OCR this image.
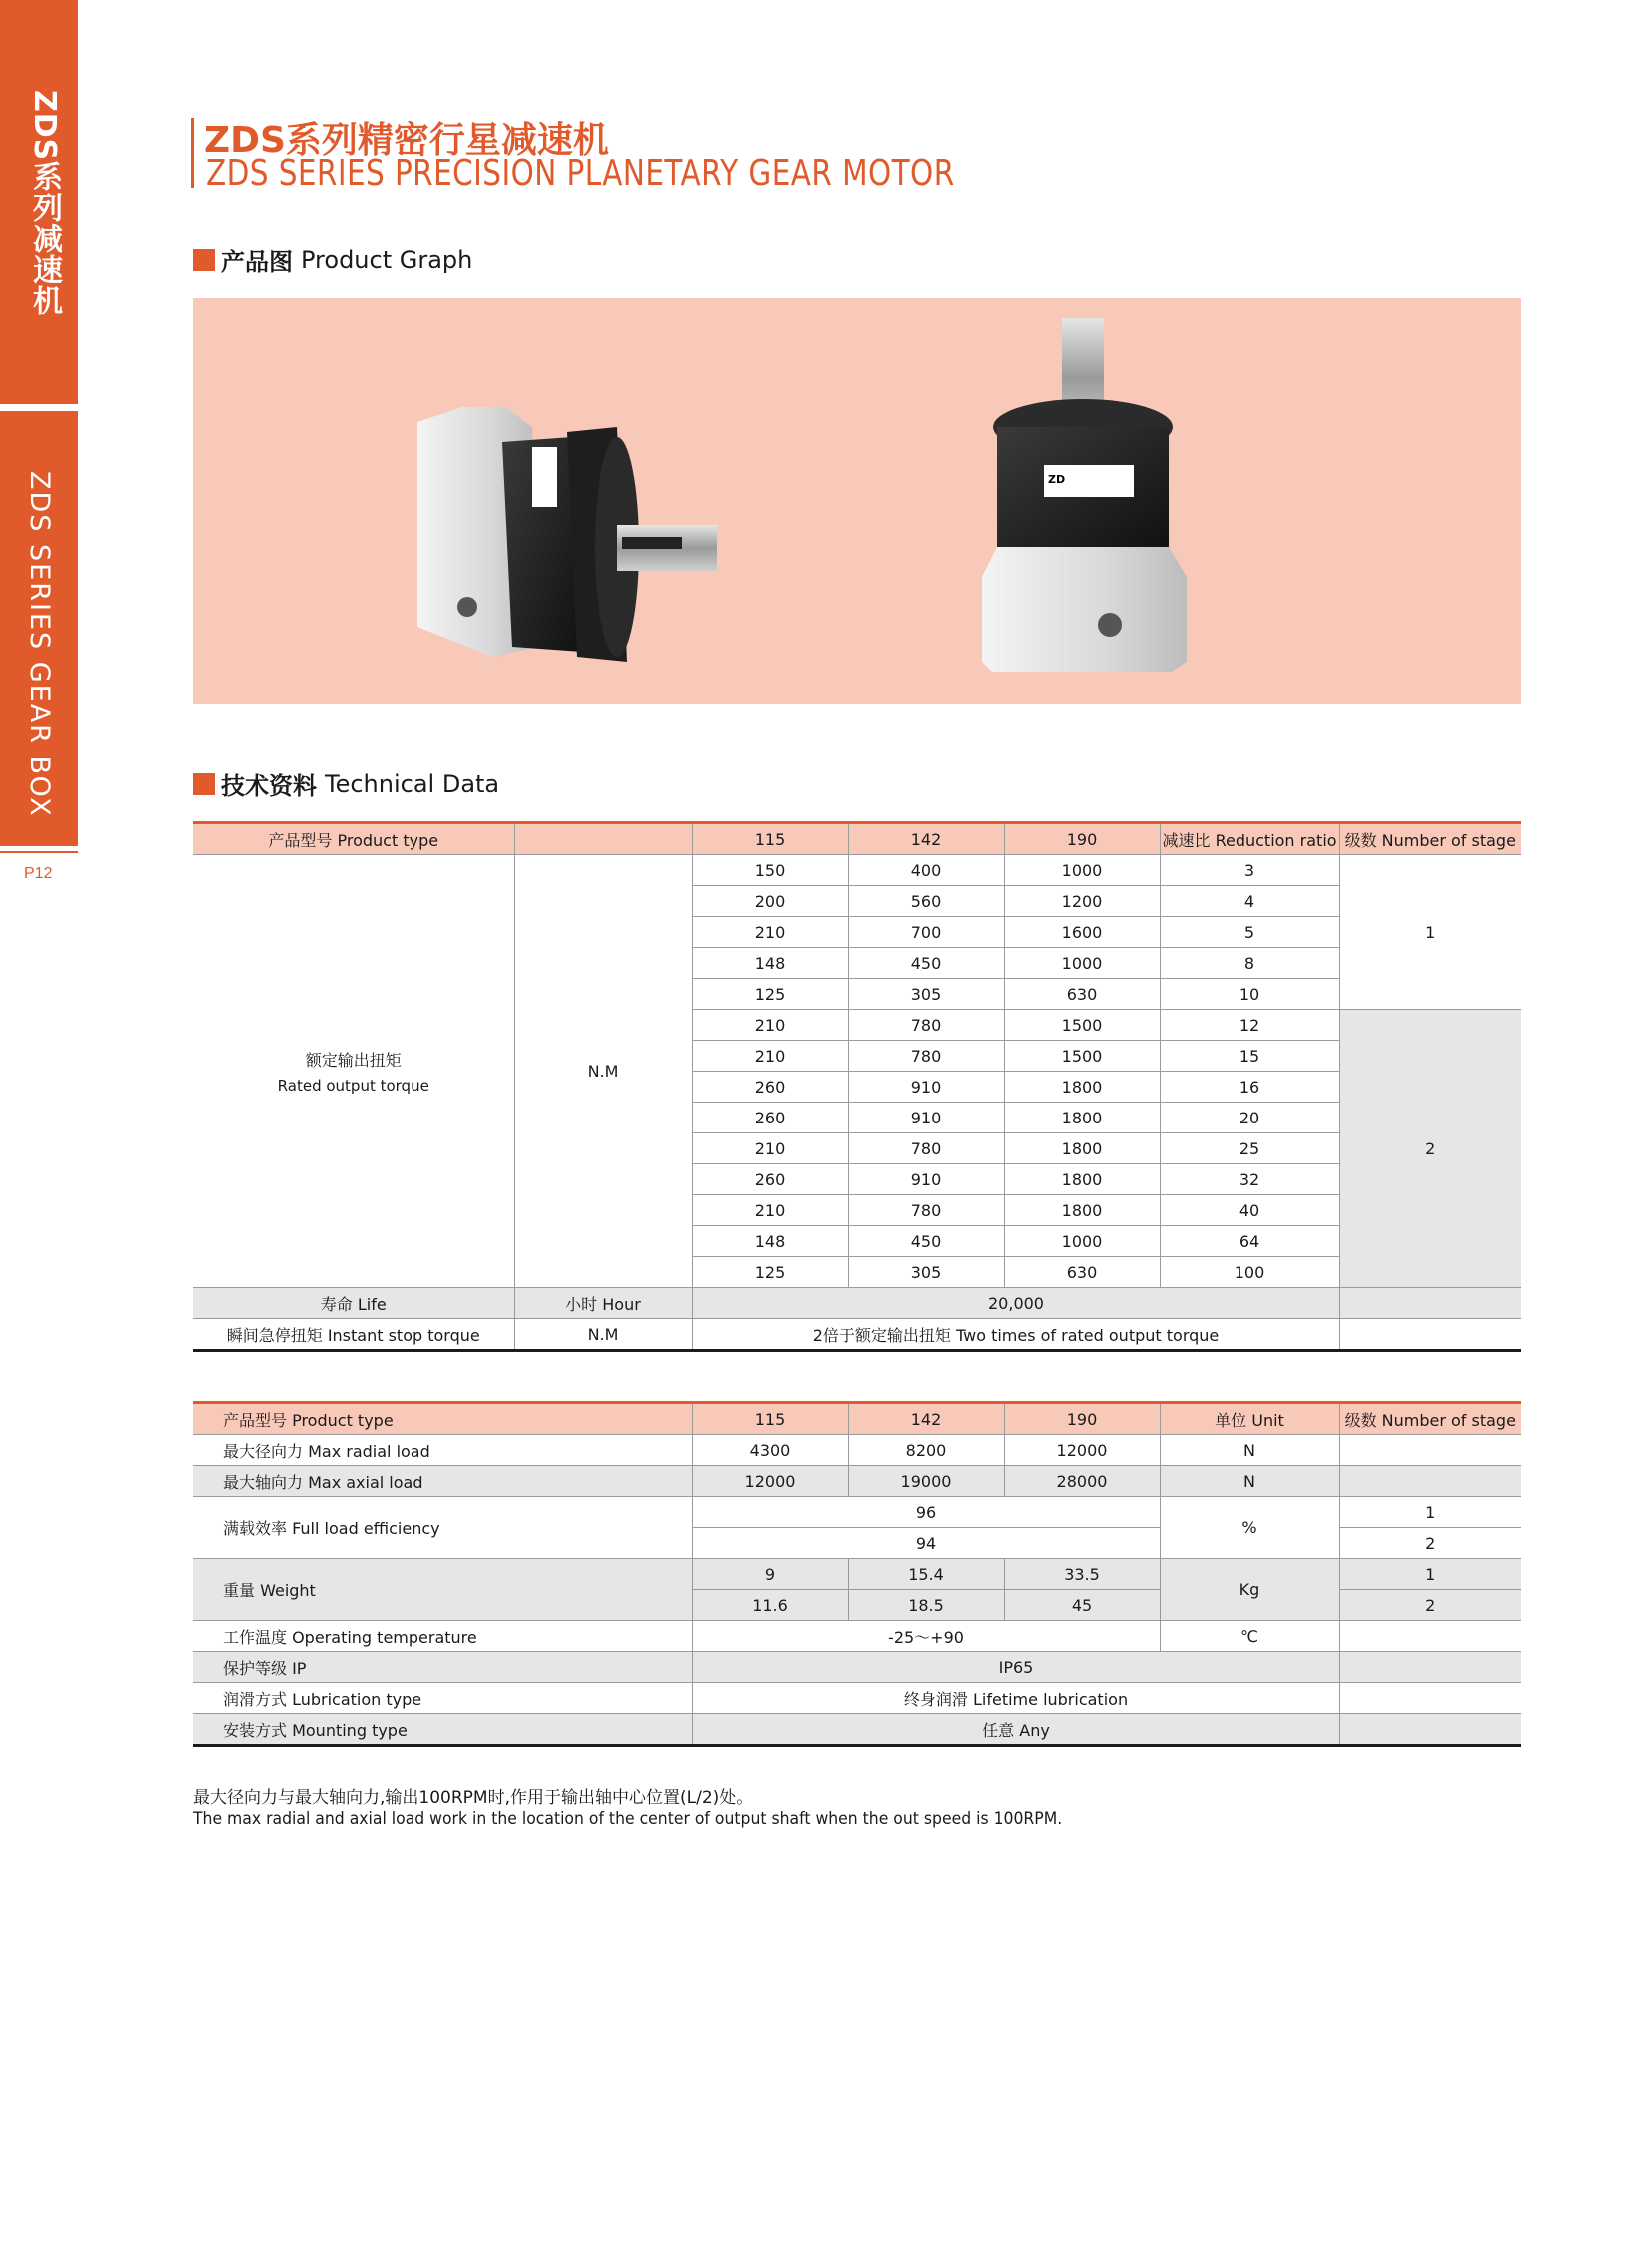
ZDS系列减速机
ZDS SERIES GEAR BOX
P12
ZDS系列精密行星减速机
ZDS SERIES PRECISION PLANETARY GEAR MOTOR
产品图 Product Graph
ZD
技术资料 Technical Data
产品型号 Product type		115	142	190	减速比 Reduction ratio	级数 Number of stage

额定输出扭矩
Rated output torque	N.M	150	400	1000	3	1
		200	560	1200	4	
		210	700	1600	5	
		148	450	1000	8	
		125	305	630	10	
		210	780	1500	12	2
		210	780	1500	15	
		260	910	1800	16	
		260	910	1800	20	
		210	780	1800	25	
		260	910	1800	32	
		210	780	1800	40	
		148	450	1000	64	
		125	305	630	100	
寿命 Life	小时 Hour	20,000				
瞬间急停扭矩 Instant stop torque	N.M	2倍于额定输出扭矩 Two times of rated output torque				
产品型号 Product type	115	142	190	单位 Unit	级数 Number of stage
最大径向力 Max radial load	4300	8200	12000	N	
最大轴向力 Max axial load	12000	19000	28000	N	
满载效率 Full load efficiency	96			%	1
	94				2
重量 Weight	9	15.4	33.5	Kg	1
	11.6	18.5	45		2
工作温度 Operating temperature	-25～+90			℃	
保护等级 IP	IP65				
润滑方式 Lubrication type	终身润滑 Lifetime lubrication				
安装方式 Mounting type	任意 Any				
最大径向力与最大轴向力,输出100RPM时,作用于输出轴中心位置(L/2)处。
The max radial and axial load work in the location of the center of output shaft when the out speed is 100RPM.
